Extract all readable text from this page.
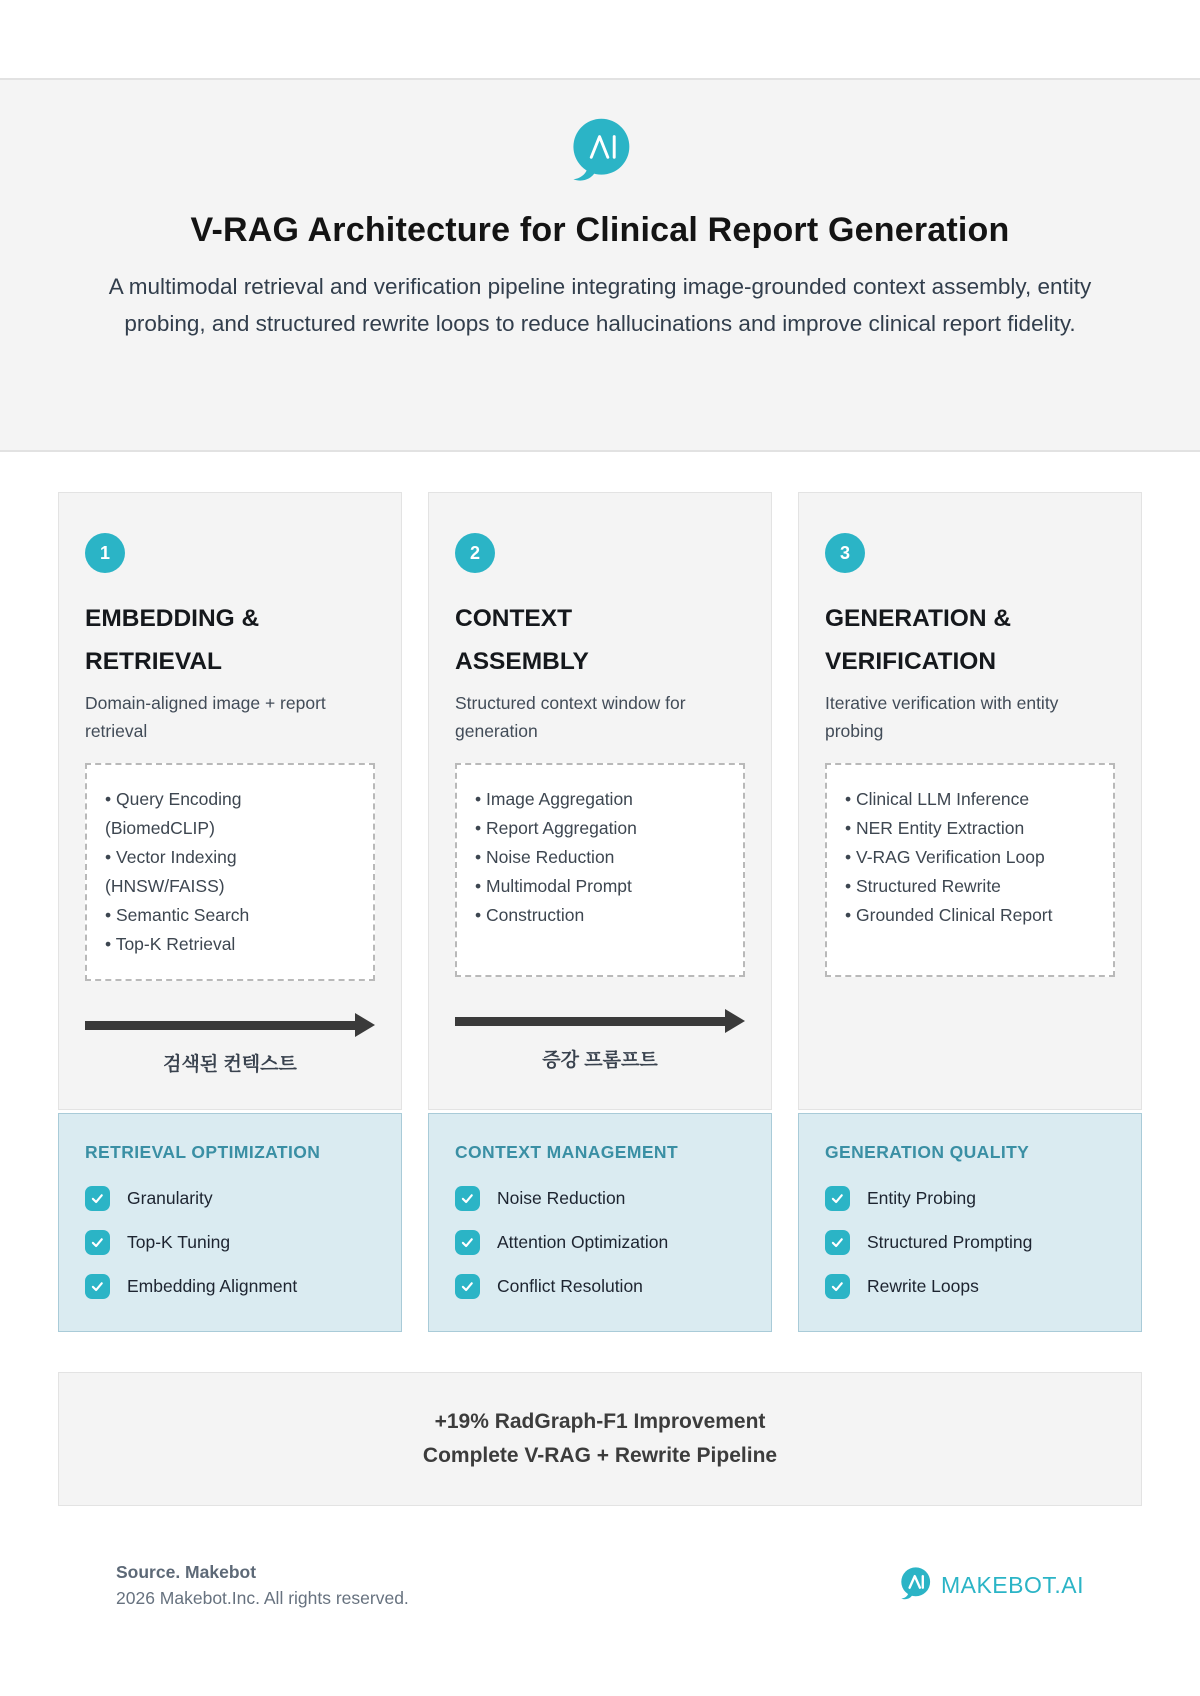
V-RAG Architecture for Clinical Report Generation

A multimodal retrieval and verification pipeline integrating image-grounded context assembly, entity probing, and structured rewrite loops to reduce hallucinations and improve clinical report fidelity.

1
EMBEDDING &
RETRIEVAL

Domain-aligned image + report retrieval

• Query Encoding (BiomedCLIP)
• Vector Indexing (HNSW/FAISS)
• Semantic Search
• Top-K Retrieval
검색된 컨텍스트
RETRIEVAL OPTIMIZATION
Granularity
Top-K Tuning
Embedding Alignment
2
CONTEXT
ASSEMBLY

Structured context window for generation

• Image Aggregation
• Report Aggregation
• Noise Reduction
• Multimodal Prompt
• Construction
증강 프롬프트
CONTEXT MANAGEMENT
Noise Reduction
Attention Optimization
Conflict Resolution
3
GENERATION &
VERIFICATION

Iterative verification with entity probing

• Clinical LLM Inference
• NER Entity Extraction
• V-RAG Verification Loop
• Structured Rewrite
• Grounded Clinical Report
GENERATION QUALITY
Entity Probing
Structured Prompting
Rewrite Loops

+19% RadGraph-F1 Improvement

Complete V-RAG + Rewrite Pipeline

Source. Makebot

2026 Makebot.Inc. All rights reserved.	MAKEBOT.AI
